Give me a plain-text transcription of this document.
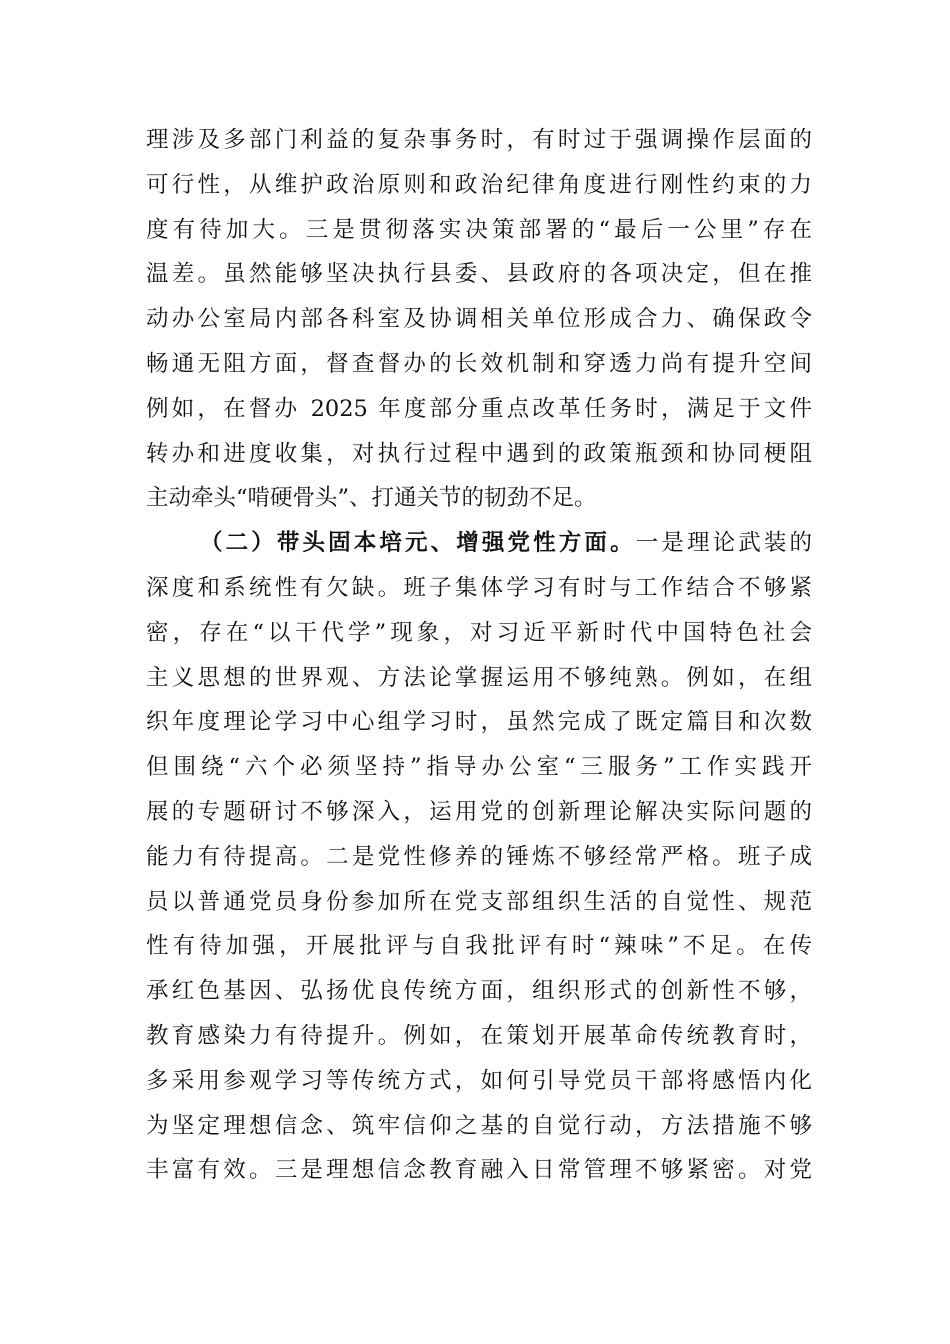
理涉及多部门利益的复杂事务时，有时过于强调操作层面的
可行性，从维护政治原则和政治纪律角度进行刚性约束的力
度有待加大。三是贯彻落实决策部署的“最后一公里”存在
温差。虽然能够坚决执行县委、县政府的各项决定，但在推
动办公室局内部各科室及协调相关单位形成合力、确保政令
畅通无阻方面，督查督办的长效机制和穿透力尚有提升空间
例如，在督办 2025 年度部分重点改革任务时，满足于文件
转办和进度收集，对执行过程中遇到的政策瓶颈和协同梗阻
主动牵头“啃硬骨头”、打通关节的韧劲不足。
（二）带头固本培元、增强党性方面。一是理论武装的
深度和系统性有欠缺。班子集体学习有时与工作结合不够紧
密，存在“以干代学”现象，对习近平新时代中国特色社会
主义思想的世界观、方法论掌握运用不够纯熟。例如，在组
织年度理论学习中心组学习时，虽然完成了既定篇目和次数
但围绕“六个必须坚持”指导办公室“三服务”工作实践开
展的专题研讨不够深入，运用党的创新理论解决实际问题的
能力有待提高。二是党性修养的锤炼不够经常严格。班子成
员以普通党员身份参加所在党支部组织生活的自觉性、规范
性有待加强，开展批评与自我批评有时“辣味”不足。在传
承红色基因、弘扬优良传统方面，组织形式的创新性不够，
教育感染力有待提升。例如，在策划开展革命传统教育时，
多采用参观学习等传统方式，如何引导党员干部将感悟内化
为坚定理想信念、筑牢信仰之基的自觉行动，方法措施不够
丰富有效。三是理想信念教育融入日常管理不够紧密。对党
